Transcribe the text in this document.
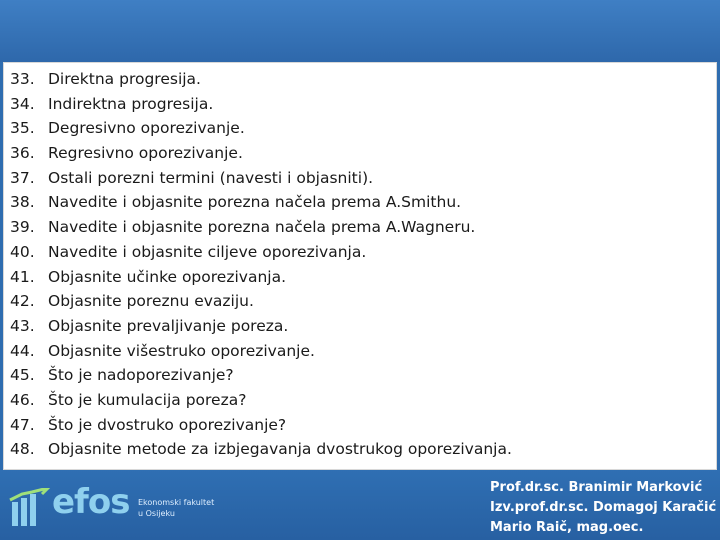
33. Direktna progresija.
34. Indirektna progresija.
35. Degresivno oporezivanje.
36. Regresivno oporezivanje.
37. Ostali porezni termini (navesti i objasniti).
38. Navedite i objasnite porezna načela prema A.Smithu.
39. Navedite i objasnite porezna načela prema A.Wagneru.
40. Navedite i objasnite ciljeve oporezivanja.
41. Objasnite učinke oporezivanja.
42. Objasnite poreznu evaziju.
43. Objasnite prevaljivanje poreza.
44. Objasnite višestruko oporezivanje.
45. Što je nadoporezivanje?
46. Što je kumulacija poreza?
47. Što je dvostruko oporezivanje?
48. Objasnite metode za izbjegavanja dvostrukog oporezivanja.
efos Ekonomski fakultet
u Osijeku
Prof.dr.sc. Branimir Marković
Izv.prof.dr.sc. Domagoj Karačić
Mario Raič, mag.oec.
